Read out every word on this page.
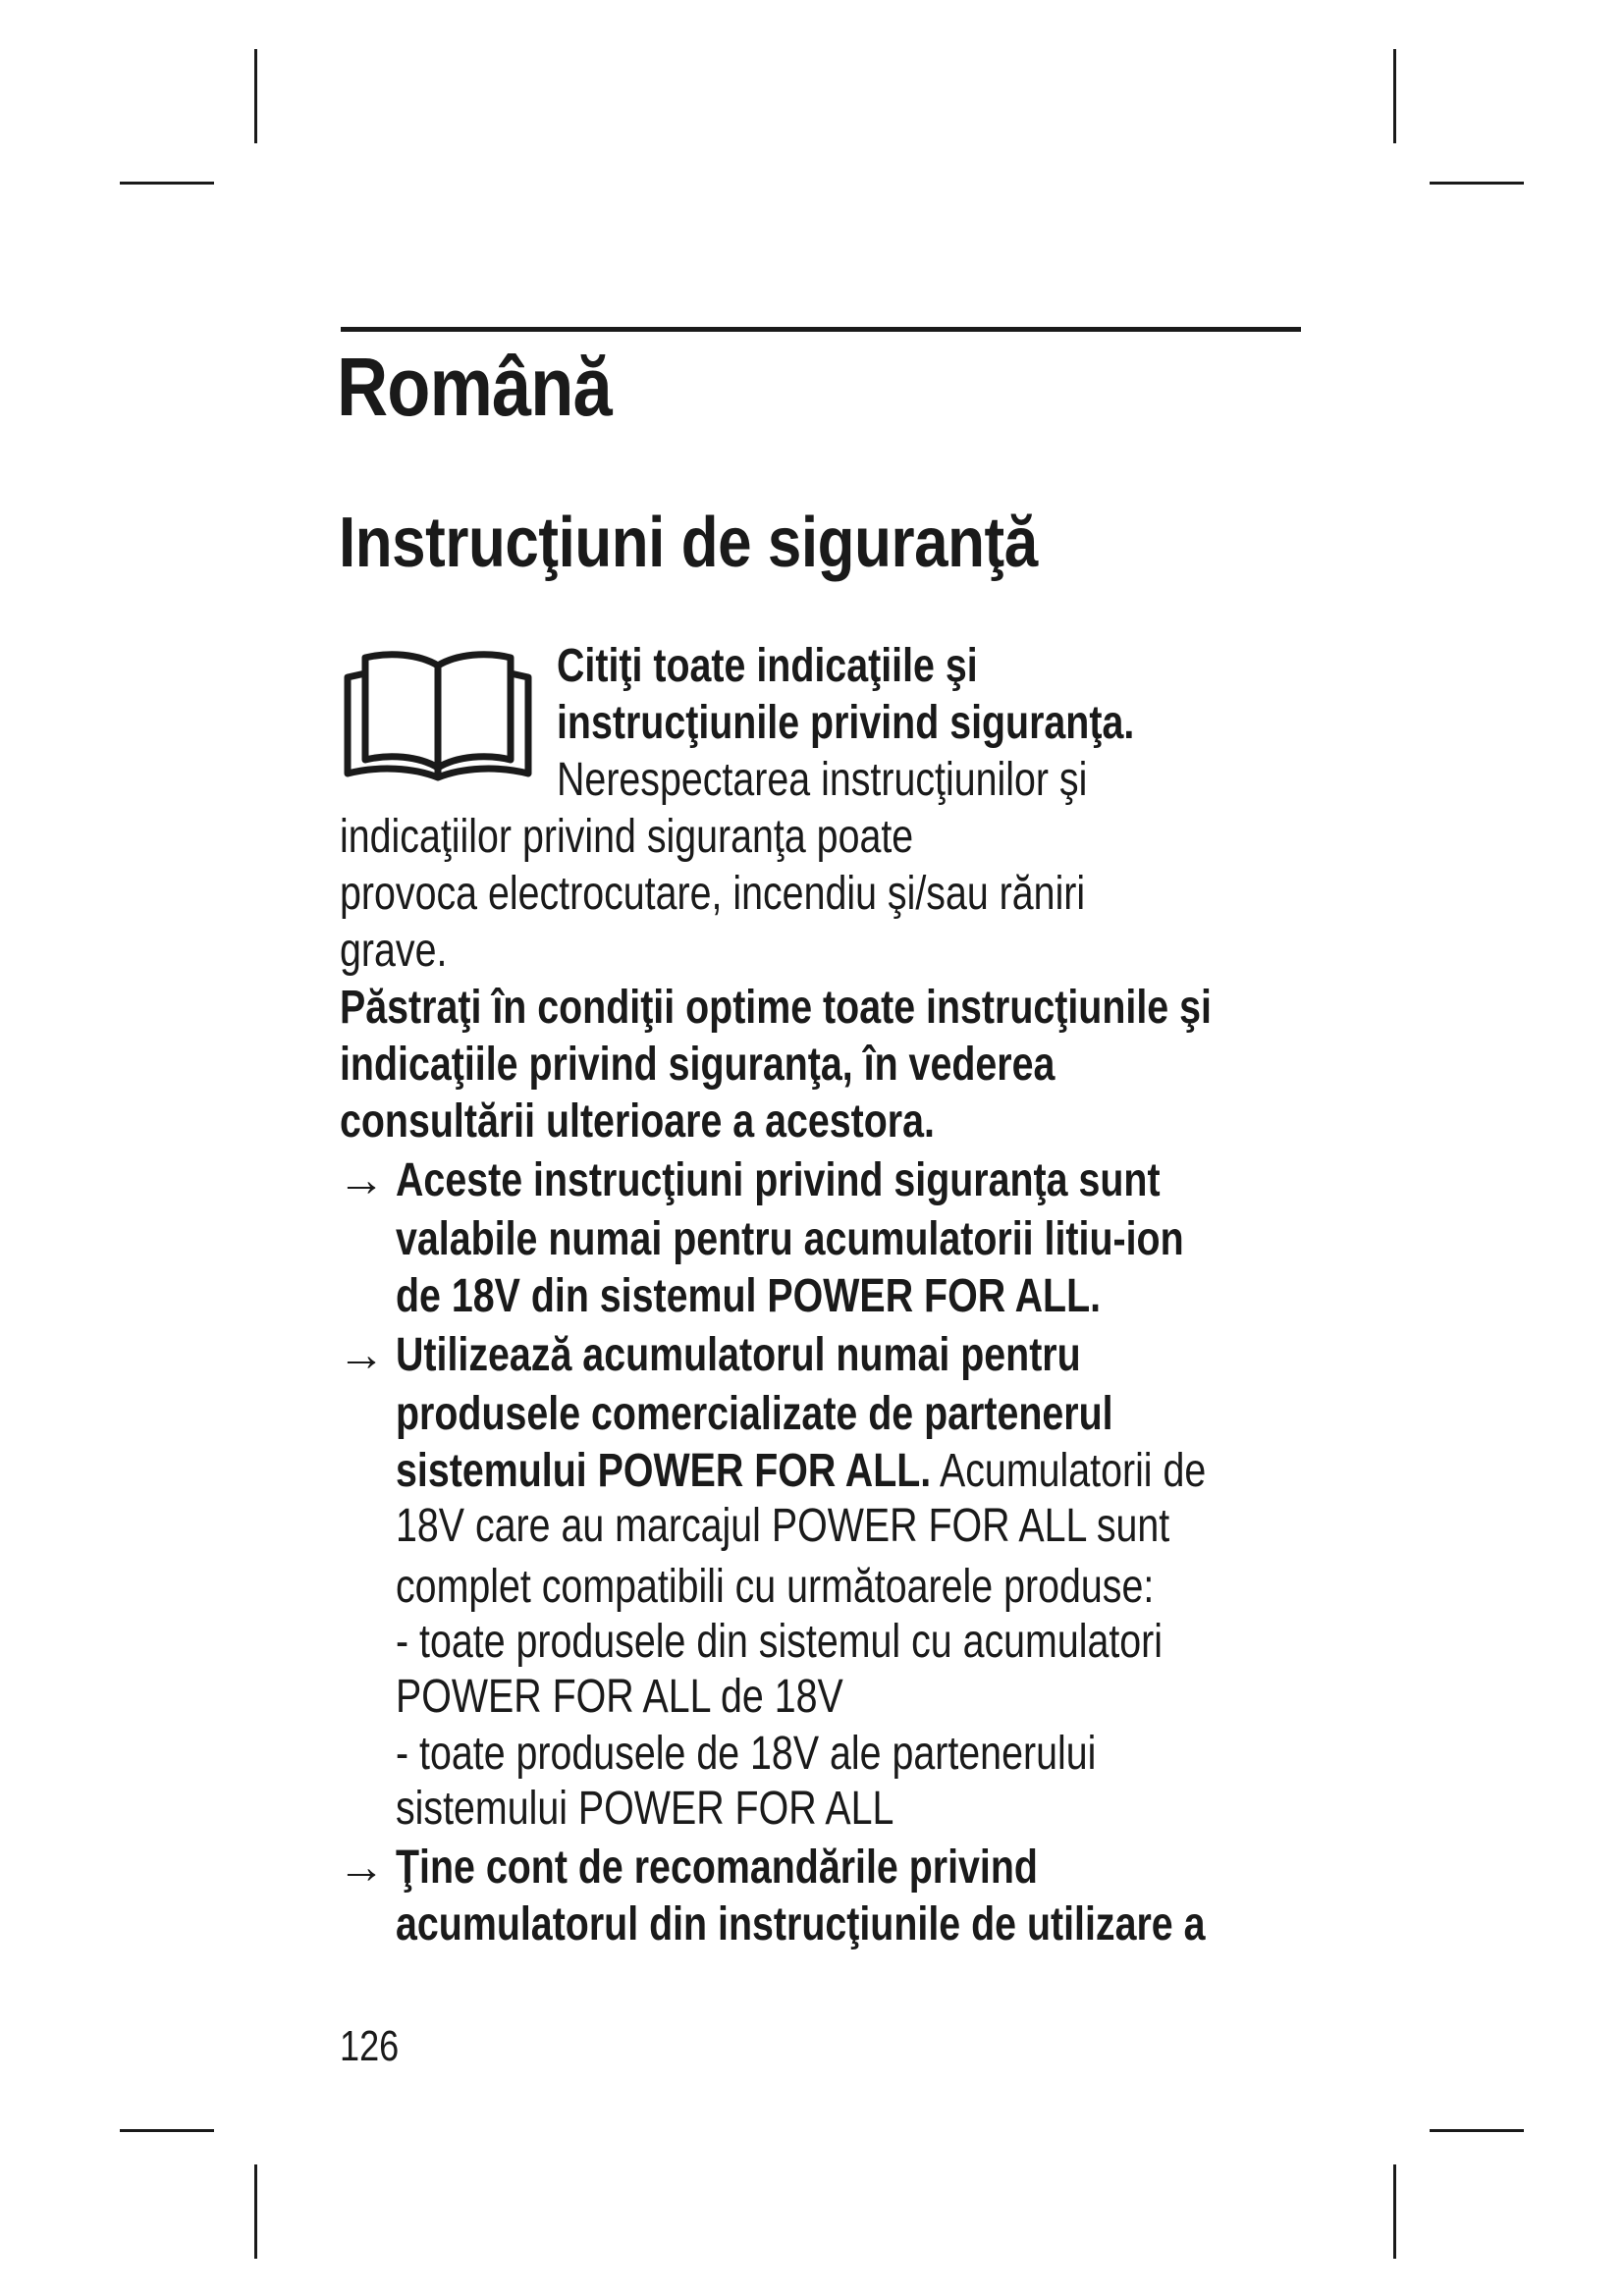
Română
Instrucţiuni de siguranţă
Citiţi toate indicaţiile şi
instrucţiunile privind siguranţa.
Nerespectarea instrucţiunilor şi
indicaţiilor privind siguranţa poate
provoca electrocutare, incendiu şi/sau răniri
grave.
Păstraţi în condiţii optime toate instrucţiunile şi
indicaţiile privind siguranţa, în vederea
consultării ulterioare a acestora.
→ Aceste instrucţiuni privind siguranţa sunt
valabile numai pentru acumulatorii litiu-ion
de 18V din sistemul POWER FOR ALL.
→ Utilizează acumulatorul numai pentru
produsele comercializate de partenerul
sistemului POWER FOR ALL. Acumulatorii de
18V care au marcajul POWER FOR ALL sunt
complet compatibili cu următoarele produse:
- toate produsele din sistemul cu acumulatori
POWER FOR ALL de 18V
- toate produsele de 18V ale partenerului
sistemului POWER FOR ALL
→ Ţine cont de recomandările privind
acumulatorul din instrucţiunile de utilizare a
126
